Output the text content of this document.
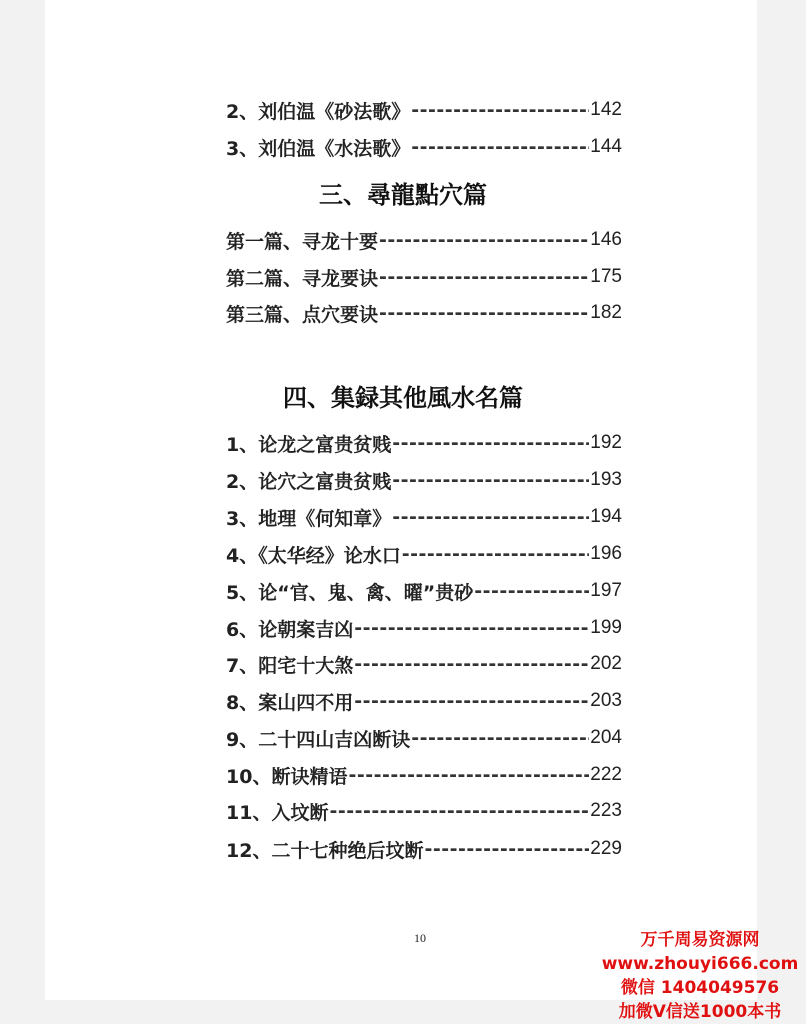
2、刘伯温《砂法歌》 -----	142
3、刘伯温《水法歌》 -----	144
三、尋龍點穴篇
第一篇、寻龙十要 -----	146
第二篇、寻龙要诀 -----	175
第三篇、点穴要诀 -----	182
四、集録其他風水名篇
1、论龙之富贵贫贱 -----	192
2、论穴之富贵贫贱 -----	193
3、地理《何知章》 -----	194
4、《太华经》论水口 -----	196
5、论“官、鬼、禽、曜”贵砂 -----	197
6、论朝案吉凶 -----	199
7、阳宅十大煞 -----	202
8、案山四不用 -----	203
9、二十四山吉凶断诀 -----	204
10、断诀精语 -----	222
11、入坟断 -----	223
12、二十七种绝后坟断 -----	229
10	万千周易资源网
www.zhouyi666.com
微信 1404049576
加微V信送1000本书
